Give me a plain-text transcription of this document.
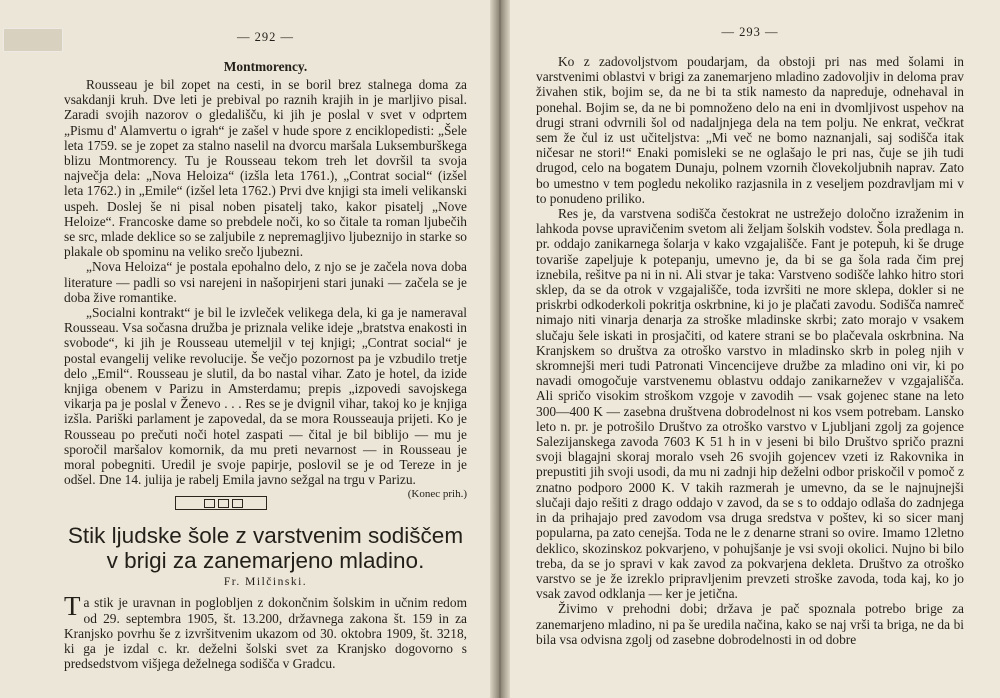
— 292 —
Montmorency.

Rousseau je bil zopet na cesti, in se boril brez stalnega doma za vsakdanji kruh. Dve leti je prebival po raznih krajih in je marljivo pisal. Zaradi svojih nazorov o gledališču, ki jih je poslal v svet v odprtem „Pismu d' Alamvertu o igrah“ je zašel v hude spore z enciklopedisti: „Šele leta 1759. se je zopet za stalno naselil na dvorcu maršala Luksemburškega blizu Montmorency. Tu je Rousseau tekom treh let dovršil ta svoja največja dela: „Nova Heloiza“ (izšla leta 1761.), „Contrat social“ (izšel leta 1762.) in „Emile“ (izšel leta 1762.) Prvi dve knjigi sta imeli velikanski uspeh. Doslej še ni pisal noben pisatelj tako, kakor pisatelj „Nove Heloize“. Francoske dame so prebdele noči, ko so čitale ta roman ljubečih se src, mlade deklice so se zaljubile z nepremagljivo ljubeznijo in starke so plakale ob spominu na veliko srečo ljubezni.

„Nova Heloiza“ je postala epohalno delo, z njo se je začela nova doba literature — padli so vsi nareјeni in našopirjeni stari junaki — začela se je doba žive romantike.

„Socialni kontrakt“ je bil le izvleček velikega dela, ki ga je nameraval Rousseau. Vsa sočasna družba je priznala velike ideje „bratstva enakosti in svobode“, ki jih je Rousseau utemeljil v tej knjigi; „Contrat social“ je postal evangelij velike revolucije. Še večjo pozornost pa je vzbudilo tretje delo „Emil“. Rousseau je slutil, da bo nastal vihar. Zato je hotel, da izide knjiga obenem v Parizu in Amsterdamu; prepis „izpovedi savojskega vikarja pa je poslal v Ženevo . . . Res se je dvignil vihar, takoj ko je knjiga izšla. Pariški parlament je zapovedal, da se mora Rousseauja prijeti. Ko je Rousseau po prečuti noči hotel zaspati — čital je bil biblijo — mu je sporočil maršalov komornik, da mu preti nevarnost — in Rousseau je moral pobegniti. Uredil je svoje papirje, poslovil se je od Tereze in je odšel. Dne 14. julija je rabelj Emila javno sežgal na trgu v Parizu.
(Konec prih.)

Stik ljudske šole z varstvenim sodiščem v brigi za zanemarjeno mladino.
Fr. Milčinski.

Ta stik je uravnan in poglobljen z dokončnim šolskim in učnim redom od 29. septembra 1905, št. 13.200, državnega zakona št. 159 in za Kranjsko povrhu še z izvršitvenim ukazom od 30. oktobra 1909, št. 3218, ki ga je izdal c. kr. deželni šolski svet za Kranjsko dogovorno s predsedstvom višjega deželnega sodišča v Gradcu.

— 293 —

Ko z zadovoljstvom poudarjam, da obstoji pri nas med šolami in varstvenimi oblastvi v brigi za zanemarjeno mladino zadovoljiv in deloma prav živahen stik, bojim se, da ne bi ta stik namesto da napreduje, odnehaval in ponehal. Bojim se, da ne bi pomnoženo delo na eni in dvomljivost uspehov na drugi strani odvrnili šol od nadaljnjega dela na tem polju. Ne enkrat, večkrat sem že čul iz ust učiteljstva: „Mi več ne bomo naznanjali, saj sodišča itak ničesar ne stori!“ Enaki pomisleki se ne oglašajo le pri nas, čuje se jih tudi drugod, celo na bogatem Dunaju, polnem vzornih človekoljubnih naprav. Zato bo umestno v tem pogledu nekoliko razjasnila in z veseljem pozdravljam mi v to ponudeno priliko.

Res je, da varstvena sodišča čestokrat ne ustrežejo določno izraženim in lahkoda povse upravičenim svetom ali željam šolskih vodstev. Šola predlaga n. pr. oddajo zanikarnega šolarja v kako vzgajališče. Fant je potepuh, ki še druge tovariše zapeljuje k potepanju, umevno je, da bi se ga šola rada čim prej iznebila, rešitve pa ni in ni. Ali stvar je taka: Varstveno sodišče lahko hitro stori sklep, da se da otrok v vzgajališče, toda izvršiti ne more sklepa, dokler si ne priskrbi odkoderkoli pokritja oskrbnine, ki jo je plačati zavodu. Sodišča namreč nimajo niti vinarja denarja za stroške mladinske skrbi; zato morajo v vsakem slučaju šele iskati in prosjačiti, od katere strani se bo plačevala oskrbnina. Na Kranjskem so društva za otroško varstvo in mladinsko skrb in poleg njih v skromnejši meri tudi Patronati Vincencijeve družbe za mladino oni vir, ki po navadi omogočuje varstvenemu oblastvu oddajo zanikarnežev v vzgajališča. Ali spričo visokim stroškom vzgoje v zavodih — vsak gojenec stane na leto 300—400 K — zasebna društvena dobrodelnost ni kos vsem potrebam. Lansko leto n. pr. je potrošilo Društvo za otroško varstvo v Ljubljani zgolj za gojence Salezijanskega zavoda 7603 K 51 h in v jeseni bi bilo Društvo spričo prazni svoji blagajni skoraj moralo vseh 26 svojih gojencev vzeti iz Rakovnika in prepustiti jih svoji usodi, da mu ni zadnji hip deželni odbor priskočil v pomoč z znatno podporo 2000 K. V takih razmerah je umevno, da se le najnujnejši slučaji dajo rešiti z drago oddajo v zavod, da se s to oddajo odlaša do zadnjega in da prihajajo pred zavodom vsa druga sredstva v poštev, ki so sicer manj popularna, pa zato cenejša. Toda ne le z denarne strani so ovire. Imamo 12letno deklico, skozinskoz pokvarjeno, v pohujšanje je vsi svoji okolici. Nujno bi bilo treba, da se jo spravi v kak zavod za pokvarjena dekleta. Društvo za otroško varstvo se je že izreklo pripravljenim prevzeti stroške zavoda, toda kaj, ko jo vsak zavod odklanja — ker je jetična.

Živimo v prehodni dobi; država je pač spoznala potrebo brige za zanemarjeno mladino, ni pa še uredila načina, kako se naj vrši ta briga, ne da bi bila vsa odvisna zgolj od zasebne dobrodelnosti in od dobre
